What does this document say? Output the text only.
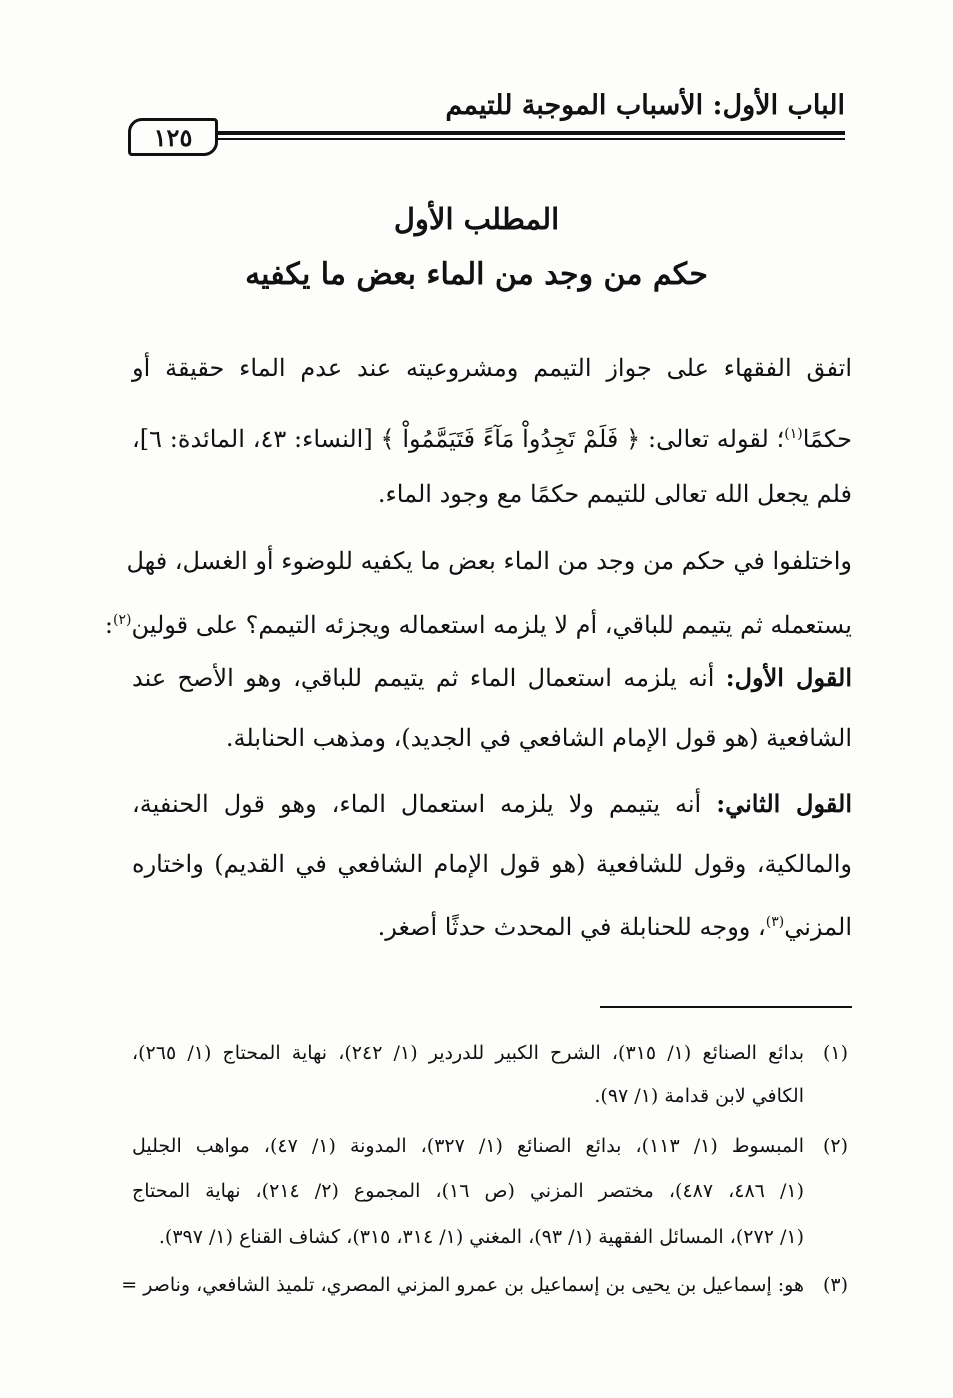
الباب الأول: الأسباب الموجبة للتيمم
١٢٥
المطلب الأول
حكم من وجد من الماء بعض ما يكفيه
اتفق الفقهاء على جواز التيمم ومشروعيته عند عدم الماء حقيقة أو
حكمًا$^{(١)}$؛ لقوله تعالى: ﴿ فَلَمْ تَجِدُواْ مَآءً فَتَيَمَّمُواْ ﴾ [النساء: ٤٣، المائدة: ٦]،
فلم يجعل الله تعالى للتيمم حكمًا مع وجود الماء.
واختلفوا في حكم من وجد من الماء بعض ما يكفيه للوضوء أو الغسل، فهل
يستعمله ثم يتيمم للباقي، أم لا يلزمه استعماله ويجزئه التيمم؟ على قولين$^{(٢)}$:
القول الأول: أنه يلزمه استعمال الماء ثم يتيمم للباقي، وهو الأصح عند
الشافعية (هو قول الإمام الشافعي في الجديد)، ومذهب الحنابلة.
القول الثاني: أنه يتيمم ولا يلزمه استعمال الماء، وهو قول الحنفية،
والمالكية، وقول للشافعية (هو قول الإمام الشافعي في القديم) واختاره
المزني$^{(٣)}$، ووجه للحنابلة في المحدث حدثًا أصغر.
(١)
بدائع الصنائع (١/ ٣١٥)، الشرح الكبير للدردير (١/ ٢٤٢)، نهاية المحتاج (١/ ٢٦٥)،
الكافي لابن قدامة (١/ ٩٧).
(٢)
المبسوط (١/ ١١٣)، بدائع الصنائع (١/ ٣٢٧)، المدونة (١/ ٤٧)، مواهب الجليل
(١/ ٤٨٦، ٤٨٧)، مختصر المزني (ص ١٦)، المجموع (٢/ ٢١٤)، نهاية المحتاج
(١/ ٢٧٢)، المسائل الفقهية (١/ ٩٣)، المغني (١/ ٣١٤، ٣١٥)، كشاف القناع (١/ ٣٩٧).
(٣)
هو: إسماعيل بن يحيى بن إسماعيل بن عمرو المزني المصري، تلميذ الشافعي، وناصر =
